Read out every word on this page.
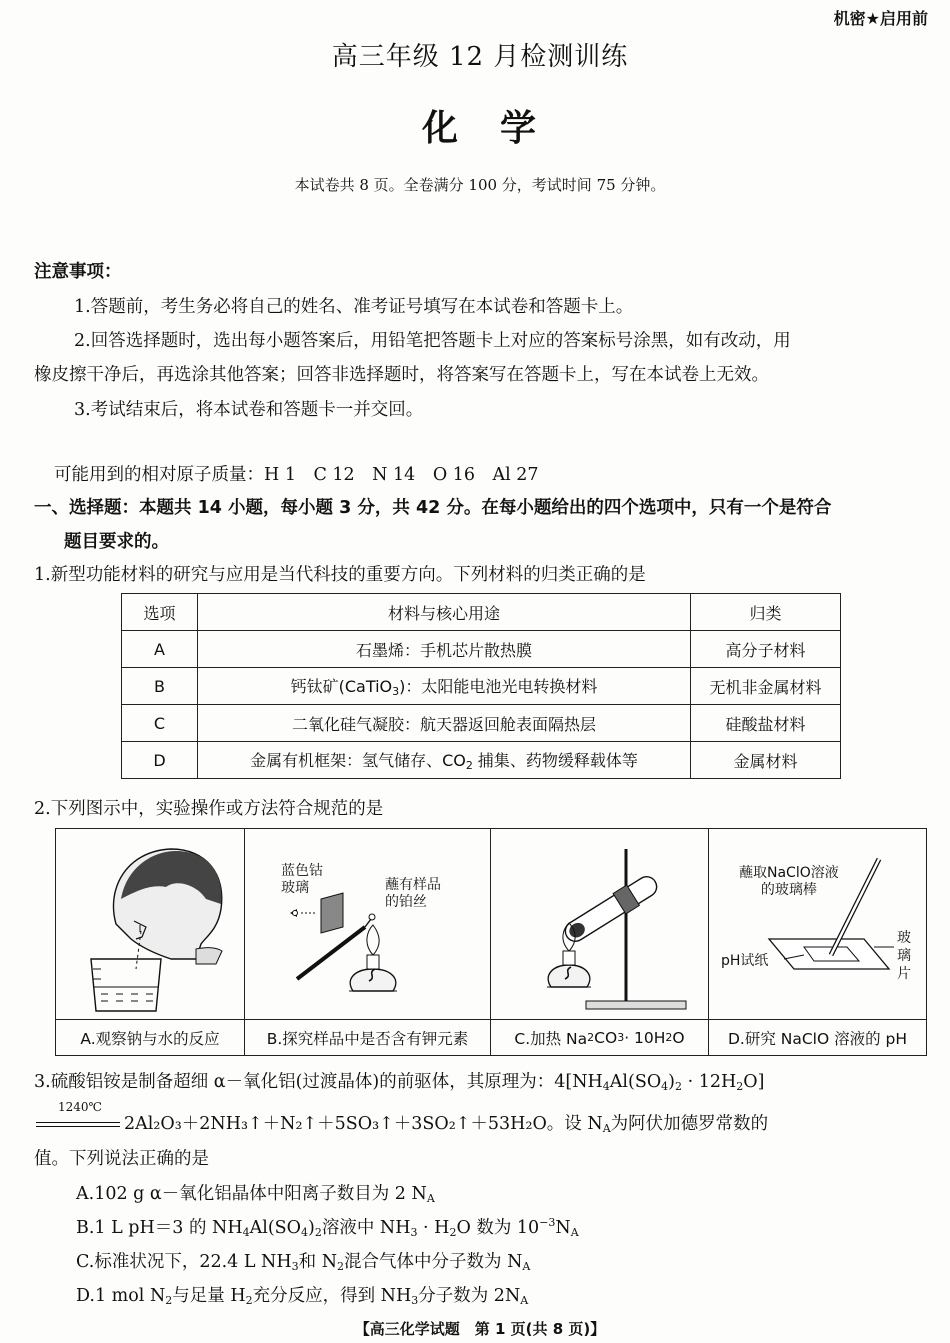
机密★启用前
高三年级 12 月检测训练
化学
本试卷共 8 页。全卷满分 100 分，考试时间 75 分钟。
注意事项：
1.答题前，考生务必将自己的姓名、准考证号填写在本试卷和答题卡上。
2.回答选择题时，选出每小题答案后，用铅笔把答题卡上对应的答案标号涂黑，如有改动，用
橡皮擦干净后，再选涂其他答案；回答非选择题时，将答案写在答题卡上，写在本试卷上无效。
3.考试结束后，将本试卷和答题卡一并交回。
可能用到的相对原子质量：H 1　C 12　N 14　O 16　Al 27
一、选择题：本题共 14 小题，每小题 3 分，共 42 分。在每小题给出的四个选项中，只有一个是符合
题目要求的。
1.新型功能材料的研究与应用是当代科技的重要方向。下列材料的归类正确的是
选项	材料与核心用途	归类
A	石墨烯：手机芯片散热膜	高分子材料
B	钙钛矿(CaTiO$_3$)：太阳能电池光电转换材料	无机非金属材料
C	二氧化硅气凝胶：航天器返回舱表面隔热层	硅酸盐材料
D	金属有机框架：氢气储存、$CO_2$ 捕集、药物缓释载体等	金属材料
2.下列图示中，实验操作或方法符合规范的是
蓝色钴
玻璃	蘸有样品
的铂丝
蘸取NaClO溶液
的玻璃棒
pH试纸
玻
璃
片
A.观察钠与水的反应	B.探究样品中是否含有钾元素	C.加热 Na 2 CO 3 · 10H 2 O	D.研究 NaClO 溶液的 pH
3.硫酸铝铵是制备超细 α－氧化铝(过渡晶体)的前驱体，其原理为：$4[NH_4Al(SO_4)_2 \cdot 12H_2O]$
1240℃
2Al₂O₃＋2NH₃↑＋N₂↑＋5SO₃↑＋3SO₂↑＋53H₂O。设 $N_A$为阿伏加德罗常数的
值。下列说法正确的是
A.102 g α－氧化铝晶体中阳离子数目为 2 $N_A$
B.1 L pH＝3 的 $NH_4Al(SO_4)_2$溶液中 $NH_3 \cdot H_2O$ 数为 $10^{-3}N_A$
C.标准状况下，22.4 L $NH_3$和 $N_2$混合气体中分子数为 $N_A$
D.1 mol $N_2$与足量 $H_2$充分反应，得到 $NH_3$分子数为 $2N_A$
【高三化学试题　第 1 页(共 8 页)】
